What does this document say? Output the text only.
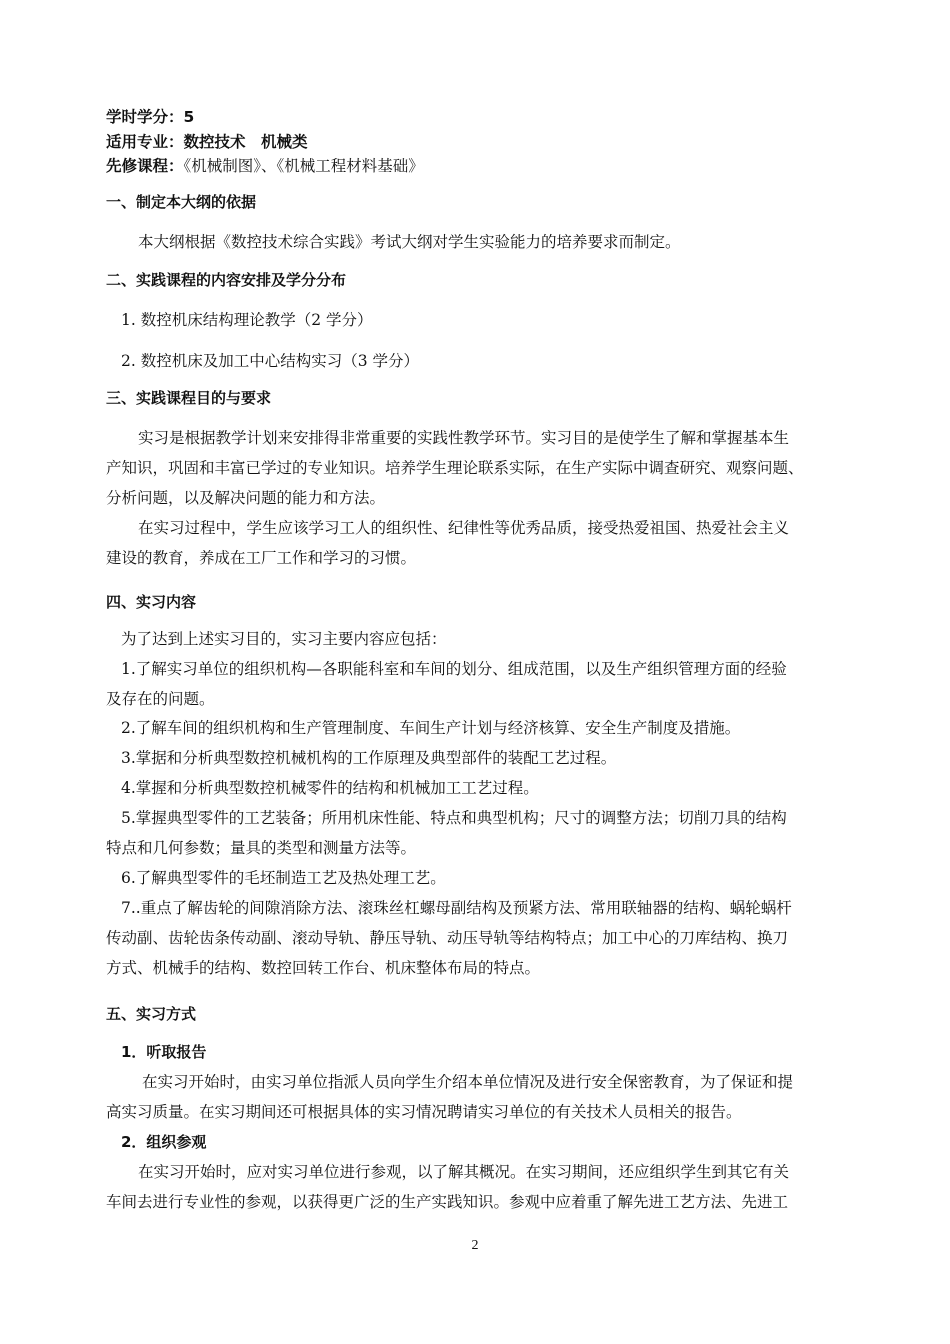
学时学分：5
适用专业：数控技术　机械类
先修课程：《机械制图》、《机械工程材料基础》
一、制定本大纲的依据
本大纲根据《数控技术综合实践》考试大纲对学生实验能力的培养要求而制定。
二、实践课程的内容安排及学分分布
1. 数控机床结构理论教学（2 学分）
2. 数控机床及加工中心结构实习（3 学分）
三、实践课程目的与要求
实习是根据教学计划来安排得非常重要的实践性教学环节。实习目的是使学生了解和掌握基本生
产知识，巩固和丰富已学过的专业知识。培养学生理论联系实际，在生产实际中调查研究、观察问题、
分析问题，以及解决问题的能力和方法。
在实习过程中，学生应该学习工人的组织性、纪律性等优秀品质，接受热爱祖国、热爱社会主义
建设的教育，养成在工厂工作和学习的习惯。
四、实习内容
为了达到上述实习目的，实习主要内容应包括：
1.了解实习单位的组织机构—各职能科室和车间的划分、组成范围，以及生产组织管理方面的经验
及存在的问题。
2.了解车间的组织机构和生产管理制度、车间生产计划与经济核算、安全生产制度及措施。
3.掌据和分析典型数控机械机构的工作原理及典型部件的装配工艺过程。
4.掌握和分析典型数控机械零件的结构和机械加工工艺过程。
5.掌握典型零件的工艺装备；所用机床性能、特点和典型机构；尺寸的调整方法；切削刀具的结构
特点和几何参数；量具的类型和测量方法等。
6.了解典型零件的毛坯制造工艺及热处理工艺。
7..重点了解齿轮的间隙消除方法、滚珠丝杠螺母副结构及预紧方法、常用联轴器的结构、蜗轮蜗杆
传动副、齿轮齿条传动副、滚动导轨、静压导轨、动压导轨等结构特点；加工中心的刀库结构、换刀
方式、机械手的结构、数控回转工作台、机床整体布局的特点。
五、实习方式
1．听取报告
在实习开始时，由实习单位指派人员向学生介绍本单位情况及进行安全保密教育，为了保证和提
高实习质量。在实习期间还可根据具体的实习情况聘请实习单位的有关技术人员相关的报告。
2．组织参观
在实习开始时，应对实习单位进行参观，以了解其概况。在实习期间，还应组织学生到其它有关
车间去进行专业性的参观，以获得更广泛的生产实践知识。参观中应着重了解先进工艺方法、先进工
2
